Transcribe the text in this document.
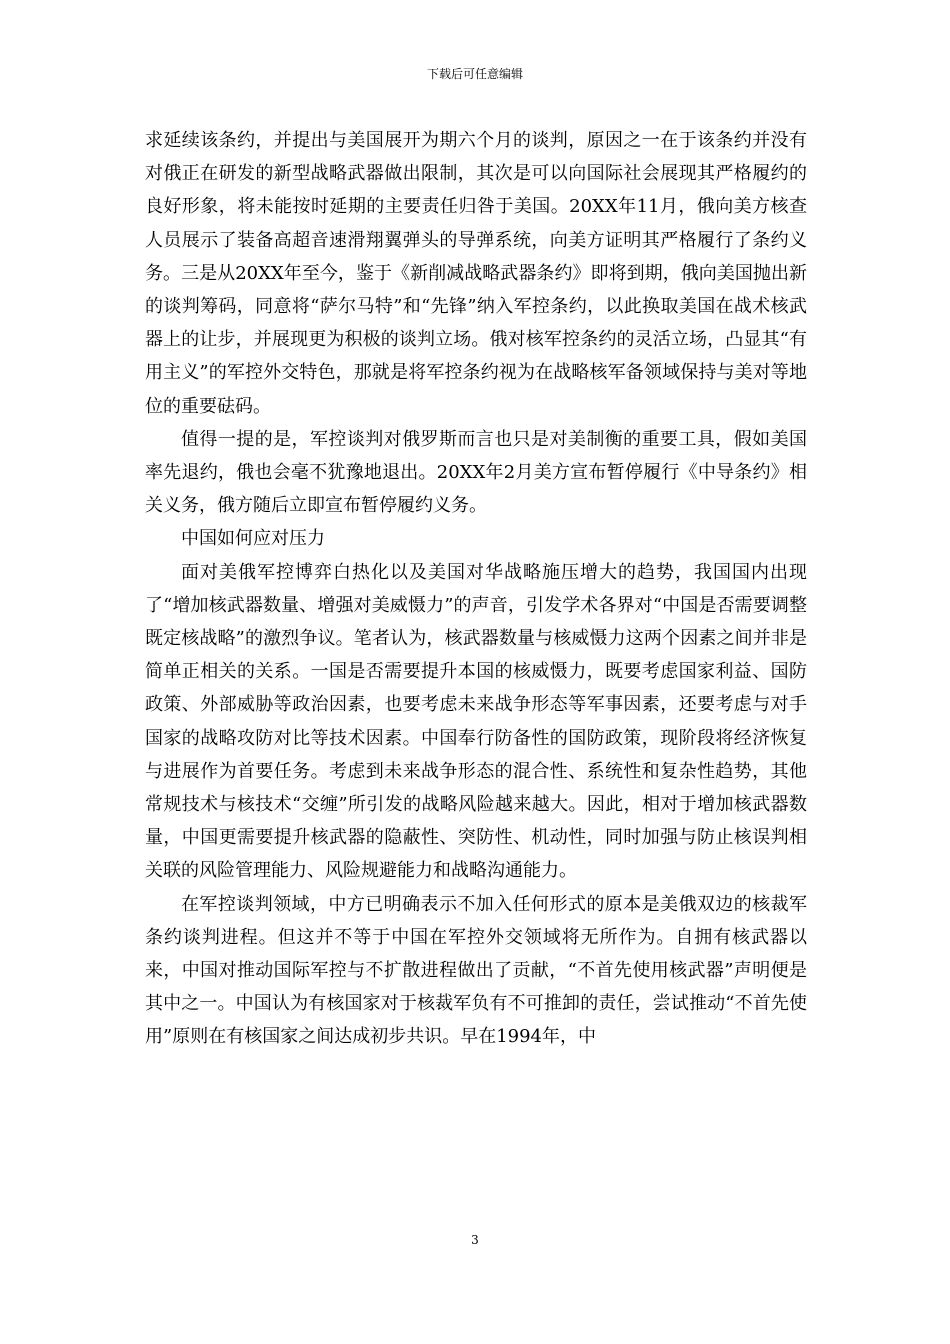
下载后可任意编辑

求延续该条约，并提出与美国展开为期六个月的谈判，原因之一在于该条约并没有对俄正在研发的新型战略武器做出限制，其次是可以向国际社会展现其严格履约的良好形象，将未能按时延期的主要责任归咎于美国。20XX年11月，俄向美方核查人员展示了装备高超音速滑翔翼弹头的导弹系统，向美方证明其严格履行了条约义务。三是从20XX年至今，鉴于《新削减战略武器条约》即将到期，俄向美国抛出新的谈判筹码，同意将“萨尔马特”和“先锋”纳入军控条约，以此换取美国在战术核武器上的让步，并展现更为积极的谈判立场。俄对核军控条约的灵活立场，凸显其“有用主义”的军控外交特色，那就是将军控条约视为在战略核军备领域保持与美对等地位的重要砝码。

值得一提的是，军控谈判对俄罗斯而言也只是对美制衡的重要工具，假如美国率先退约，俄也会毫不犹豫地退出。20XX年2月美方宣布暂停履行《中导条约》相关义务，俄方随后立即宣布暂停履约义务。

中国如何应对压力

面对美俄军控博弈白热化以及美国对华战略施压增大的趋势，我国国内出现了“增加核武器数量、增强对美威慑力”的声音，引发学术各界对“中国是否需要调整既定核战略”的激烈争议。笔者认为，核武器数量与核威慑力这两个因素之间并非是简单正相关的关系。一国是否需要提升本国的核威慑力，既要考虑国家利益、国防政策、外部威胁等政治因素，也要考虑未来战争形态等军事因素，还要考虑与对手国家的战略攻防对比等技术因素。中国奉行防备性的国防政策，现阶段将经济恢复与进展作为首要任务。考虑到未来战争形态的混合性、系统性和复杂性趋势，其他常规技术与核技术“交缠”所引发的战略风险越来越大。因此，相对于增加核武器数量，中国更需要提升核武器的隐蔽性、突防性、机动性，同时加强与防止核误判相关联的风险管理能力、风险规避能力和战略沟通能力。

在军控谈判领域，中方已明确表示不加入任何形式的原本是美俄双边的核裁军条约谈判进程。但这并不等于中国在军控外交领域将无所作为。自拥有核武器以来，中国对推动国际军控与不扩散进程做出了贡献，“不首先使用核武器”声明便是其中之一。中国认为有核国家对于核裁军负有不可推卸的责任，尝试推动“不首先使用”原则在有核国家之间达成初步共识。早在1994年，中

3
